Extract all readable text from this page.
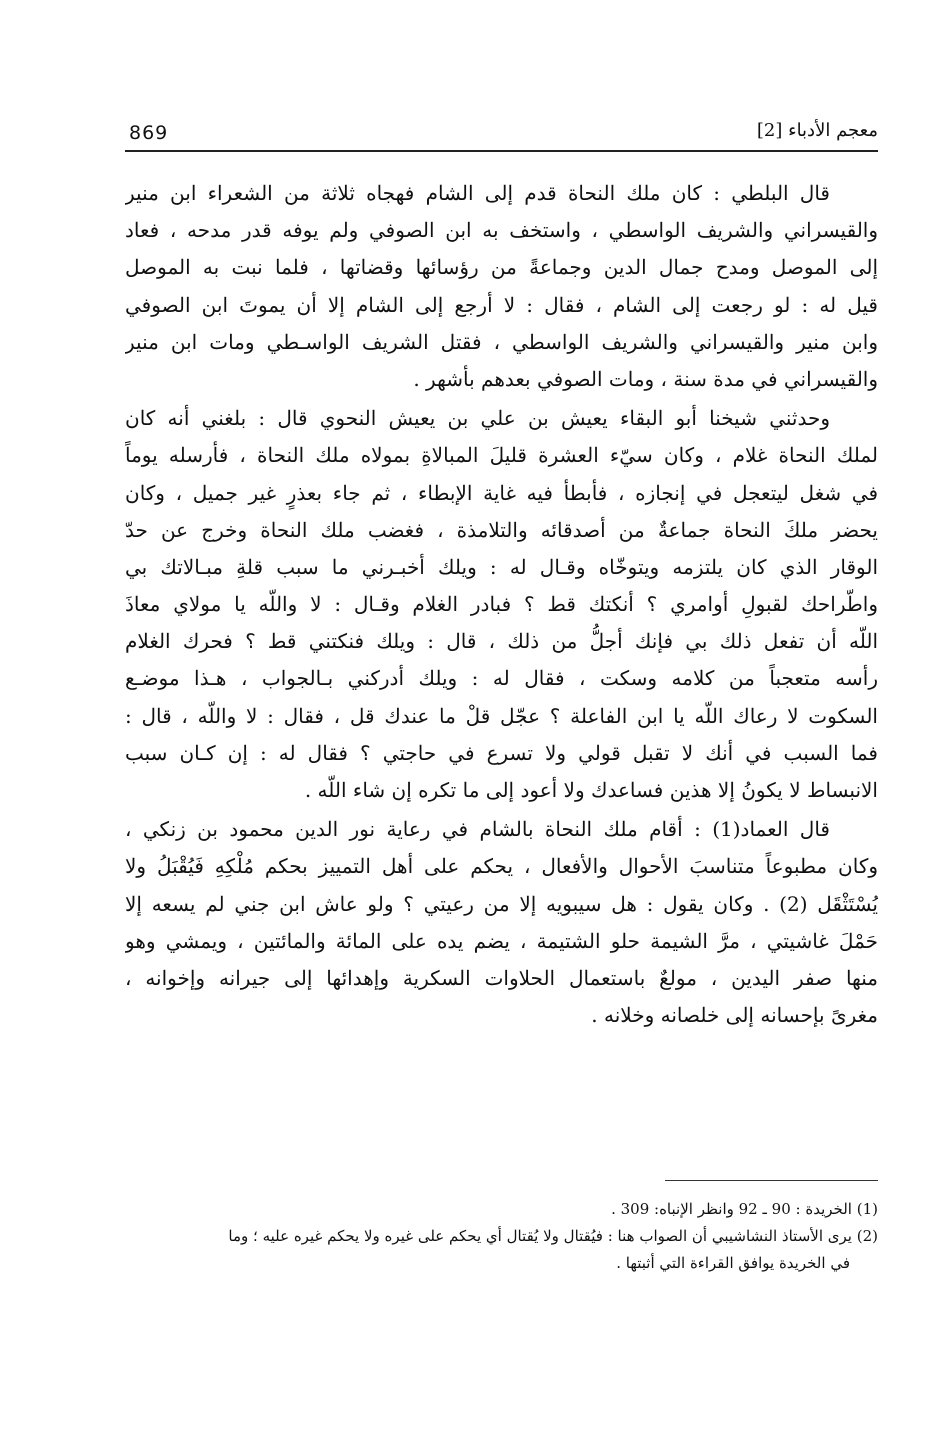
869	معجم الأدباء [2]
قال البلطي : كان ملك النحاة قدم إلى الشام فهجاه ثلاثة من الشعراء ابن منير
والقيسراني والشريف الواسطي ، واستخف به ابن الصوفي ولم يوفه قدر مدحه ، فعاد
إلى الموصل ومدح جمال الدين وجماعةً من رؤسائها وقضاتها ، فلما نبت به الموصل
قيل له : لو رجعت إلى الشام ، فقال : لا أرجع إلى الشام إلا أن يموتَ ابن الصوفي
وابن منير والقيسراني والشريف الواسطي ، فقتل الشريف الواسـطي ومات ابن منير
والقيسراني في مدة سنة ، ومات الصوفي بعدهم بأشهر .
وحدثني شيخنا أبو البقاء يعيش بن علي بن يعيش النحوي قال : بلغني أنه كان
لملك النحاة غلام ، وكان سيّء العشرة قليلَ المبالاةِ بمولاه ملك النحاة ، فأرسله يوماً
في شغل ليتعجل في إنجازه ، فأبطأ فيه غاية الإبطاء ، ثم جاء بعذرٍ غير جميل ، وكان
يحضر ملكَ النحاة جماعةٌ من أصدقائه والتلامذة ، فغضب ملك النحاة وخرج عن حدّ
الوقار الذي كان يلتزمه ويتوخّاه وقـال له : ويلك أخبـرني ما سبب قلةِ مبـالاتك بي
واطّراحك لقبولِ أوامري ؟ أنكتك قط ؟ فبادر الغلام وقـال : لا واللّه يا مولاي معاذَ
اللّه أن تفعل ذلك بي فإنك أجلُّ من ذلك ، قال : ويلك فنكتني قط ؟ فحرك الغلام
رأسه متعجباً من كلامه وسكت ، فقال له : ويلك أدركني بـالجواب ، هـذا موضـع
السكوت لا رعاك اللّه يا ابن الفاعلة ؟ عجّل قلْ ما عندك قل ، فقال : لا واللّه ، قال :
فما السبب في أنك لا تقبل قولي ولا تسرع في حاجتي ؟ فقال له : إن كـان سبب
الانبساط لا يكونُ إلا هذين فساعدك ولا أعود إلى ما تكره إن شاء اللّه .
قال العماد(1) : أقام ملك النحاة بالشام في رعاية نور الدين محمود بن زنكي ،
وكان مطبوعاً متناسبَ الأحوال والأفعال ، يحكم على أهل التمييز بحكم مُلْكِهِ فَيُقْبَلُ ولا
يُسْتَثْقَل (2) . وكان يقول : هل سيبويه إلا من رعيتي ؟ ولو عاش ابن جني لم يسعه إلا
حَمْلَ غاشيتي ، مرَّ الشيمة حلو الشتيمة ، يضم يده على المائة والمائتين ، ويمشي وهو
منها صفر اليدين ، مولعٌ باستعمال الحلاوات السكرية وإهدائها إلى جيرانه وإخوانه ،
مغرىً بإحسانه إلى خلصانه وخلانه .
(1) الخريدة : 90 ـ 92 وانظر الإنباه: 309 .
(2) يرى الأستاذ النشاشيبي أن الصواب هنا : فيُقتال ولا يُقتال أي يحكم على غيره ولا يحكم غيره عليه ؛ وما
في الخريدة يوافق القراءة التي أثبتها .
